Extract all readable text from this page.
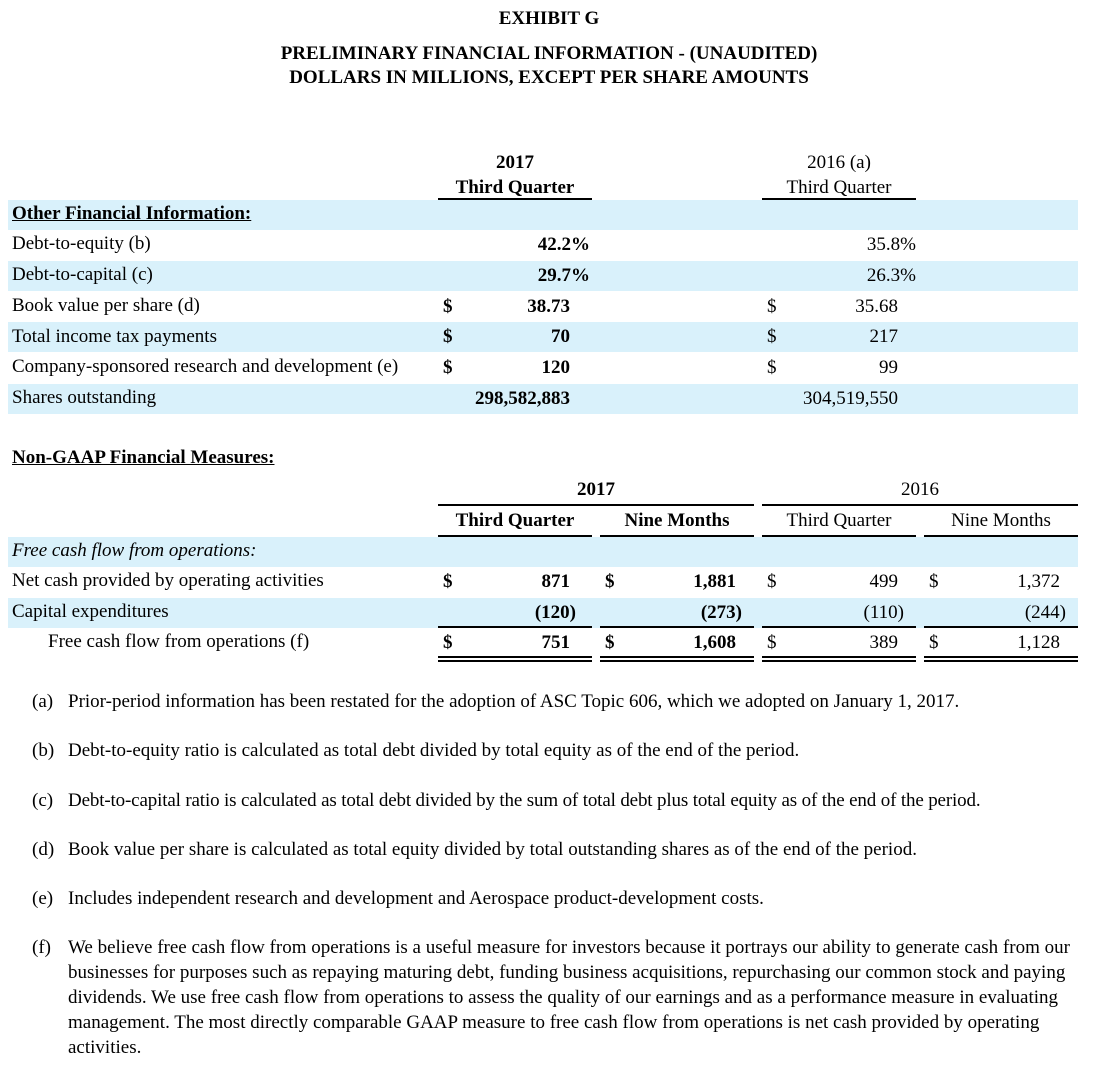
EXHIBIT G
PRELIMINARY FINANCIAL INFORMATION - (UNAUDITED)
DOLLARS IN MILLIONS, EXCEPT PER SHARE AMOUNTS
2017
Third Quarter
2016 (a)
Third Quarter
Other Financial Information:
Debt-to-equity (b)	42.2%	35.8%
Debt-to-capital (c)	29.7%	26.3%
Book value per share (d)	$	38.73	$	35.68
Total income tax payments	$	70	$	217
Company-sponsored research and development (e) $	120	$	99
Shares outstanding	298,582,883	304,519,550
Non-GAAP Financial Measures:
2017	2016
Third Quarter	Nine Months	Third Quarter	Nine Months
Free cash flow from operations:
Net cash provided by operating activities	$	871 $	1,881 $	499 $	1,372
Capital expenditures	(120)	(273)	(110)	(244)
Free cash flow from operations (f)	$	751 $	1,608 $	389 $	1,128
(a) Prior-period information has been restated for the adoption of ASC Topic 606, which we adopted on January 1, 2017.
(b) Debt-to-equity ratio is calculated as total debt divided by total equity as of the end of the period.
(c) Debt-to-capital ratio is calculated as total debt divided by the sum of total debt plus total equity as of the end of the period.
(d) Book value per share is calculated as total equity divided by total outstanding shares as of the end of the period.
(e) Includes independent research and development and Aerospace product-development costs.
(f) We believe free cash flow from operations is a useful measure for investors because it portrays our ability to generate cash from our businesses for purposes such as repaying maturing debt, funding business acquisitions, repurchasing our common stock and paying dividends. We use free cash flow from operations to assess the quality of our earnings and as a performance measure in evaluating management. The most directly comparable GAAP measure to free cash flow from operations is net cash provided by operating activities.
